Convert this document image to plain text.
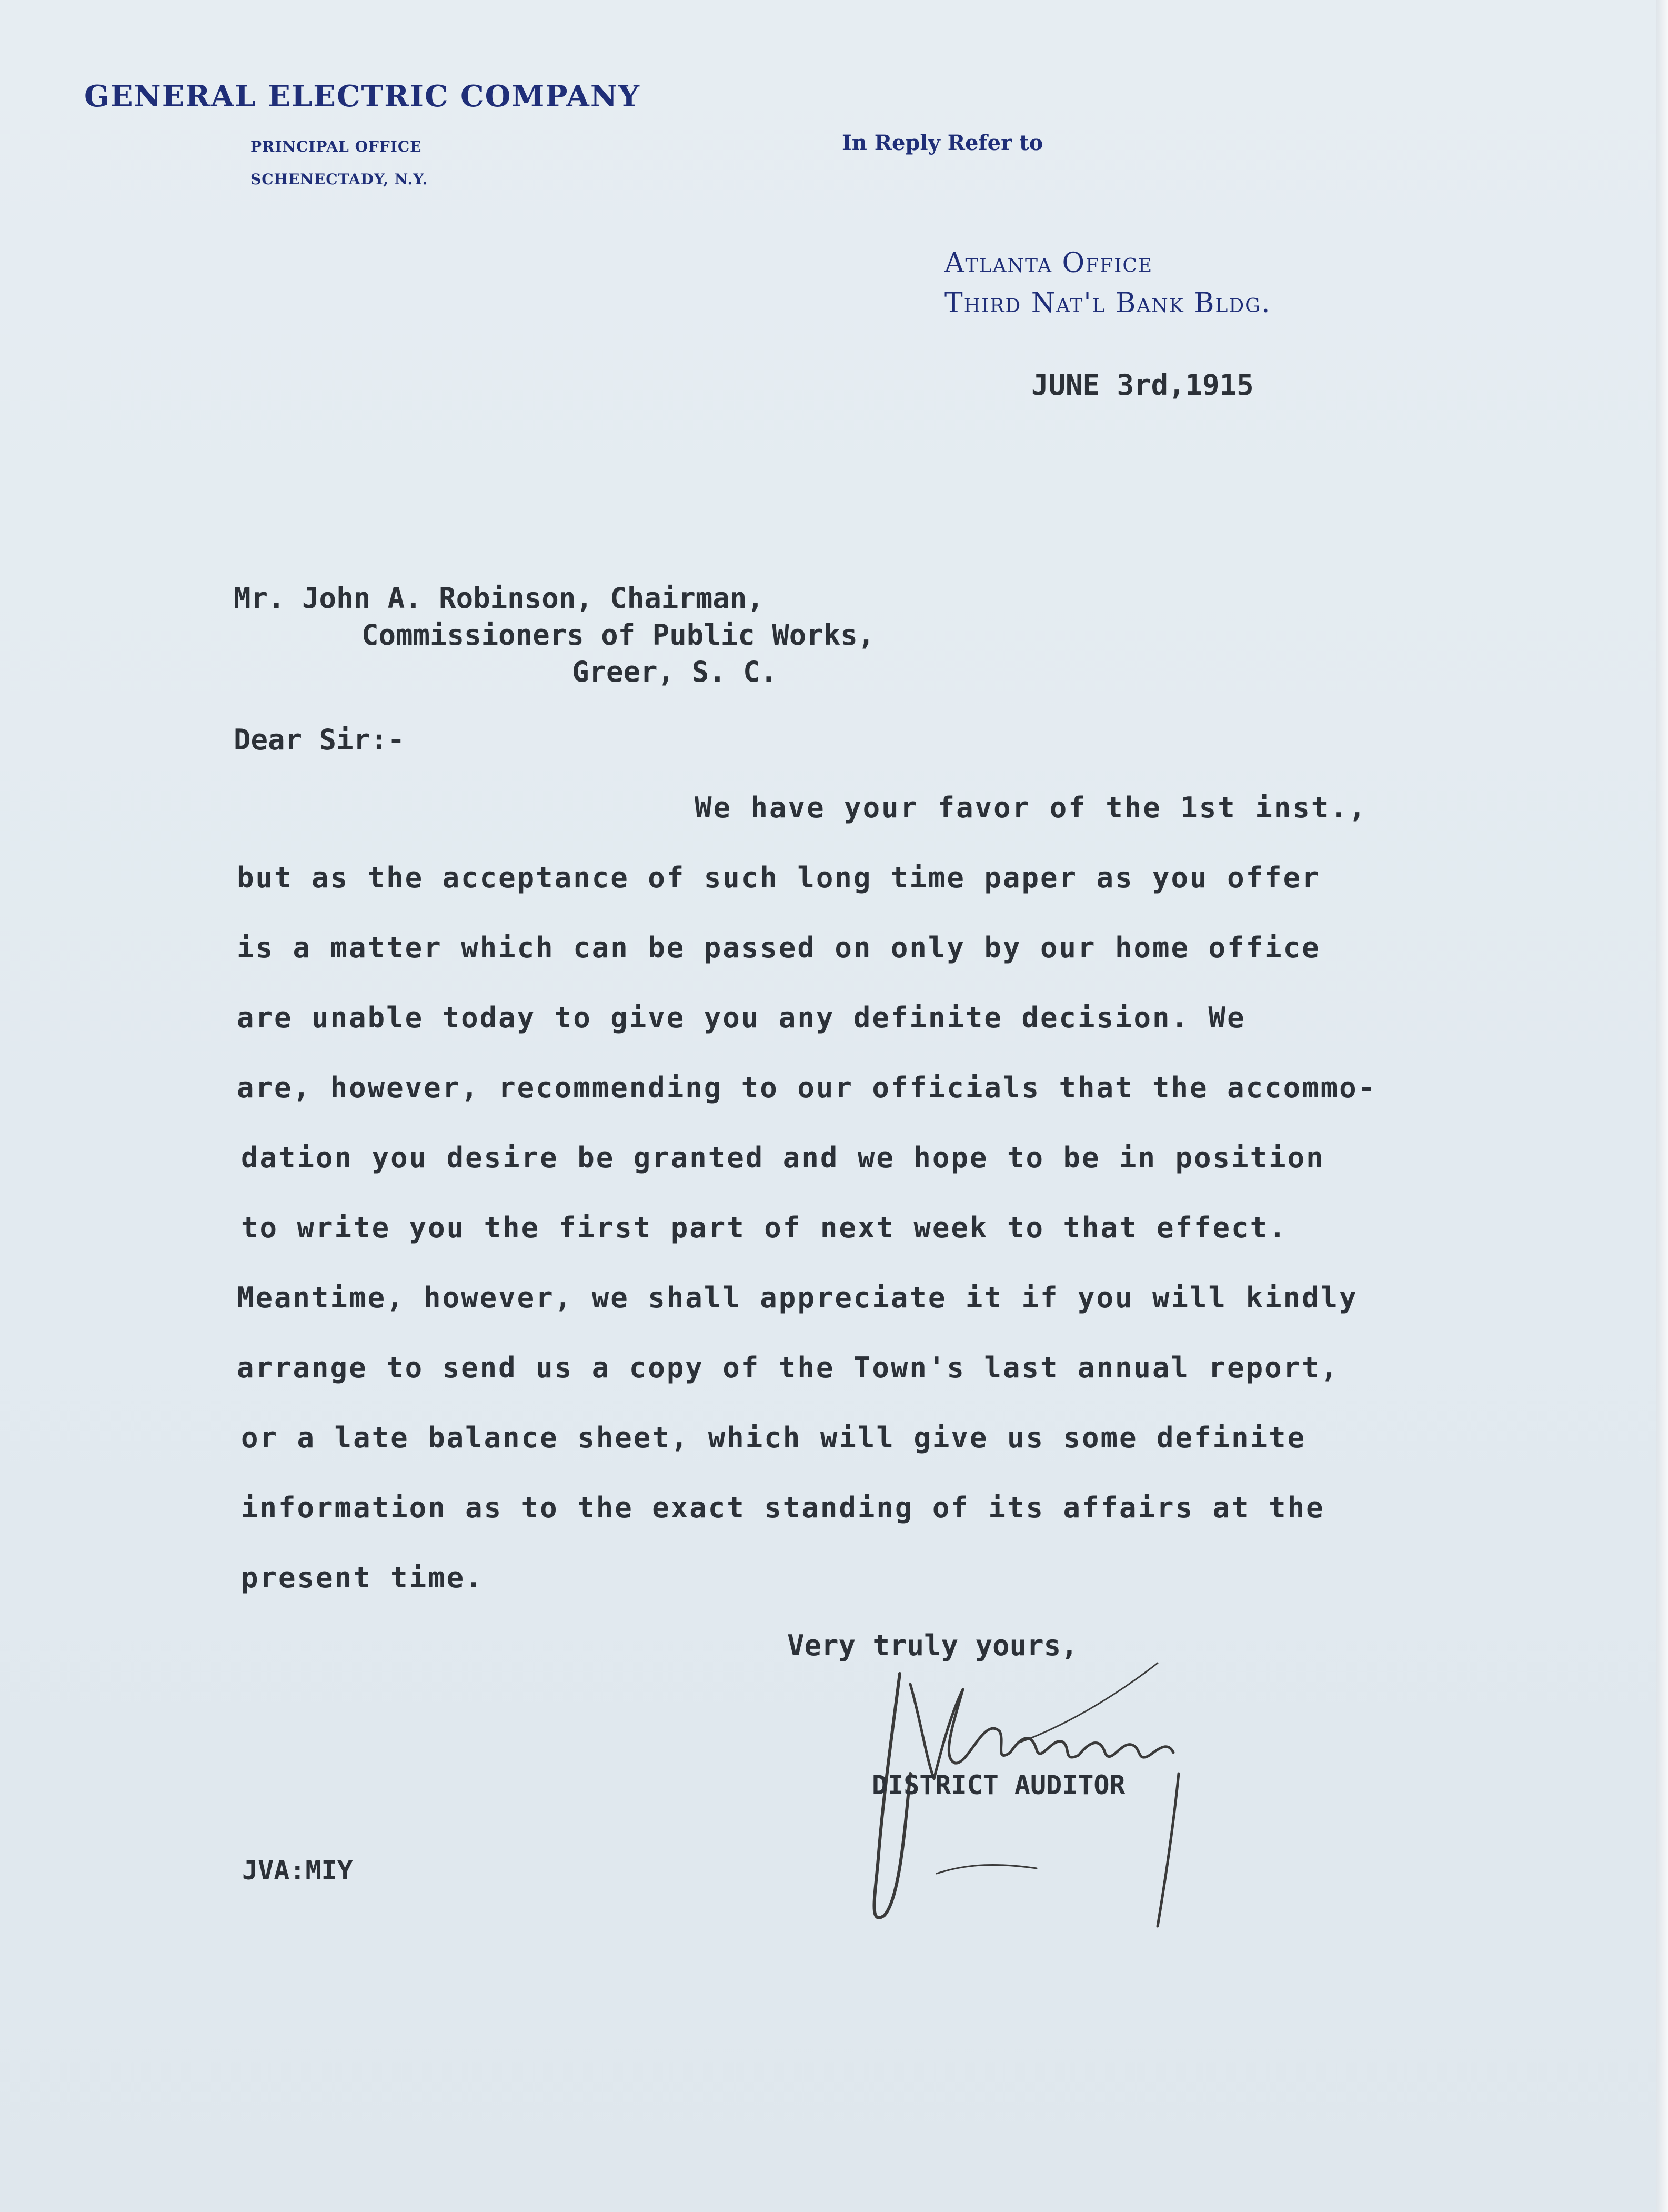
GENERAL ELECTRIC COMPANY

PRINCIPAL OFFICE

SCHENECTADY, N.Y.

In Reply Refer to

Atlanta Office

Third Nat'l Bank Bldg.

JUNE 3rd,1915

Mr. John A. Robinson, Chairman,

Commissioners of Public Works,

Greer, S. C.

Dear Sir:-

We have your favor of the 1st inst.,

but as the acceptance of such long time paper as you offer

is a matter which can be passed on only by our home office

are unable today to give you any definite decision. We

are, however, recommending to our officials that the accommo-

dation you desire be granted and we hope to be in position

to write you the first part of next week to that effect.

Meantime, however, we shall appreciate it if you will kindly

arrange to send us a copy of the Town's last annual report,

or a late balance sheet, which will give us some definite

information as to the exact standing of its affairs at the

present time.

Very truly yours,

DISTRICT AUDITOR

JVA:MIY
